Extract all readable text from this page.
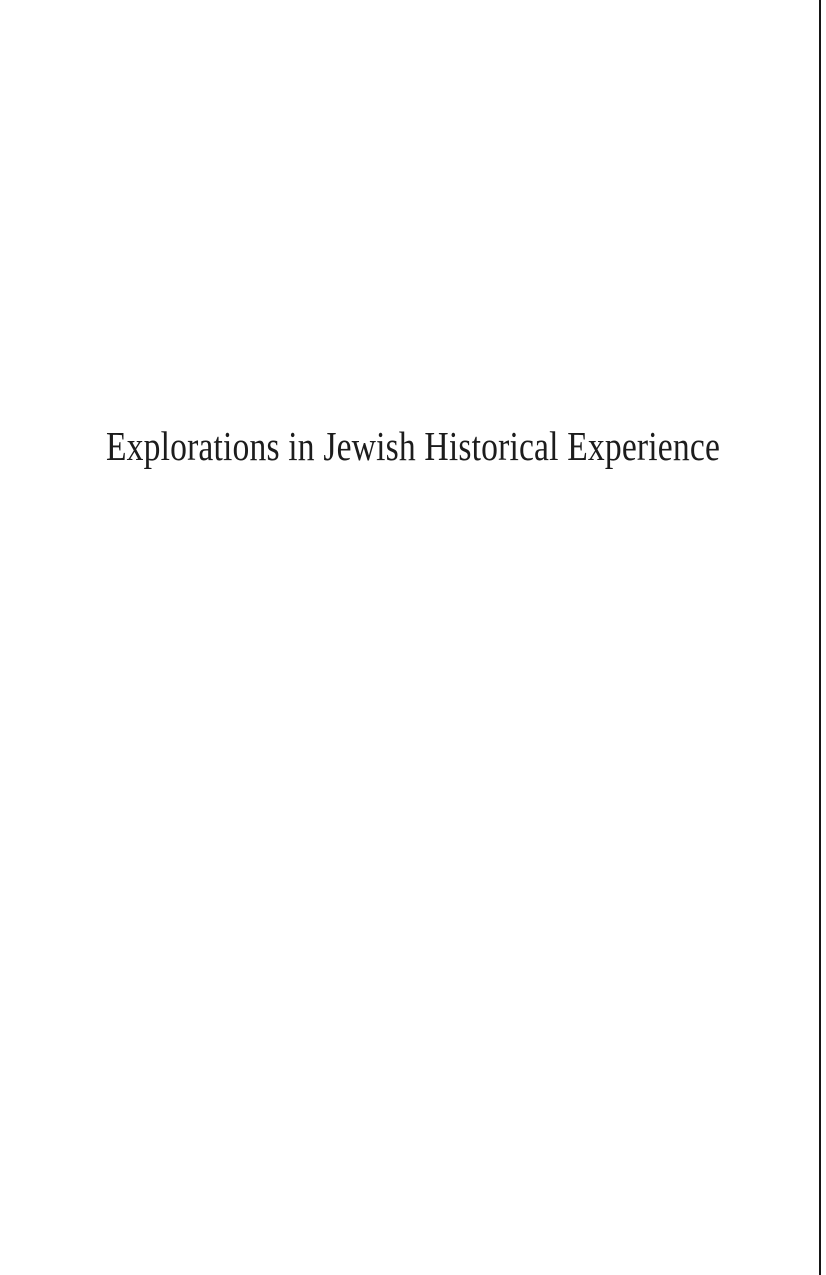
Explorations in Jewish Historical Experience
